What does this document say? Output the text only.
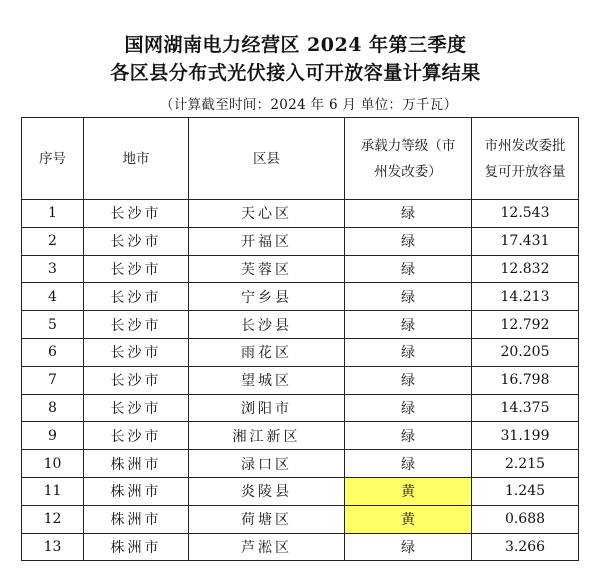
国网湖南电力经营区 2024 年第三季度
各区县分布式光伏接入可开放容量计算结果
（计算截至时间：2024 年 6 月 单位：万千瓦）
序号	地市	区县	承载力等级（市州发改委）	市州发改委批复可开放容量
1	长沙市	天心区	绿	12.543
2	长沙市	开福区	绿	17.431
3	长沙市	芙蓉区	绿	12.832
4	长沙市	宁乡县	绿	14.213
5	长沙市	长沙县	绿	12.792
6	长沙市	雨花区	绿	20.205
7	长沙市	望城区	绿	16.798
8	长沙市	浏阳市	绿	14.375
9	长沙市	湘江新区	绿	31.199
10	株洲市	渌口区	绿	2.215
11	株洲市	炎陵县	黄	1.245
12	株洲市	荷塘区	黄	0.688
13	株洲市	芦淞区	绿	3.266
